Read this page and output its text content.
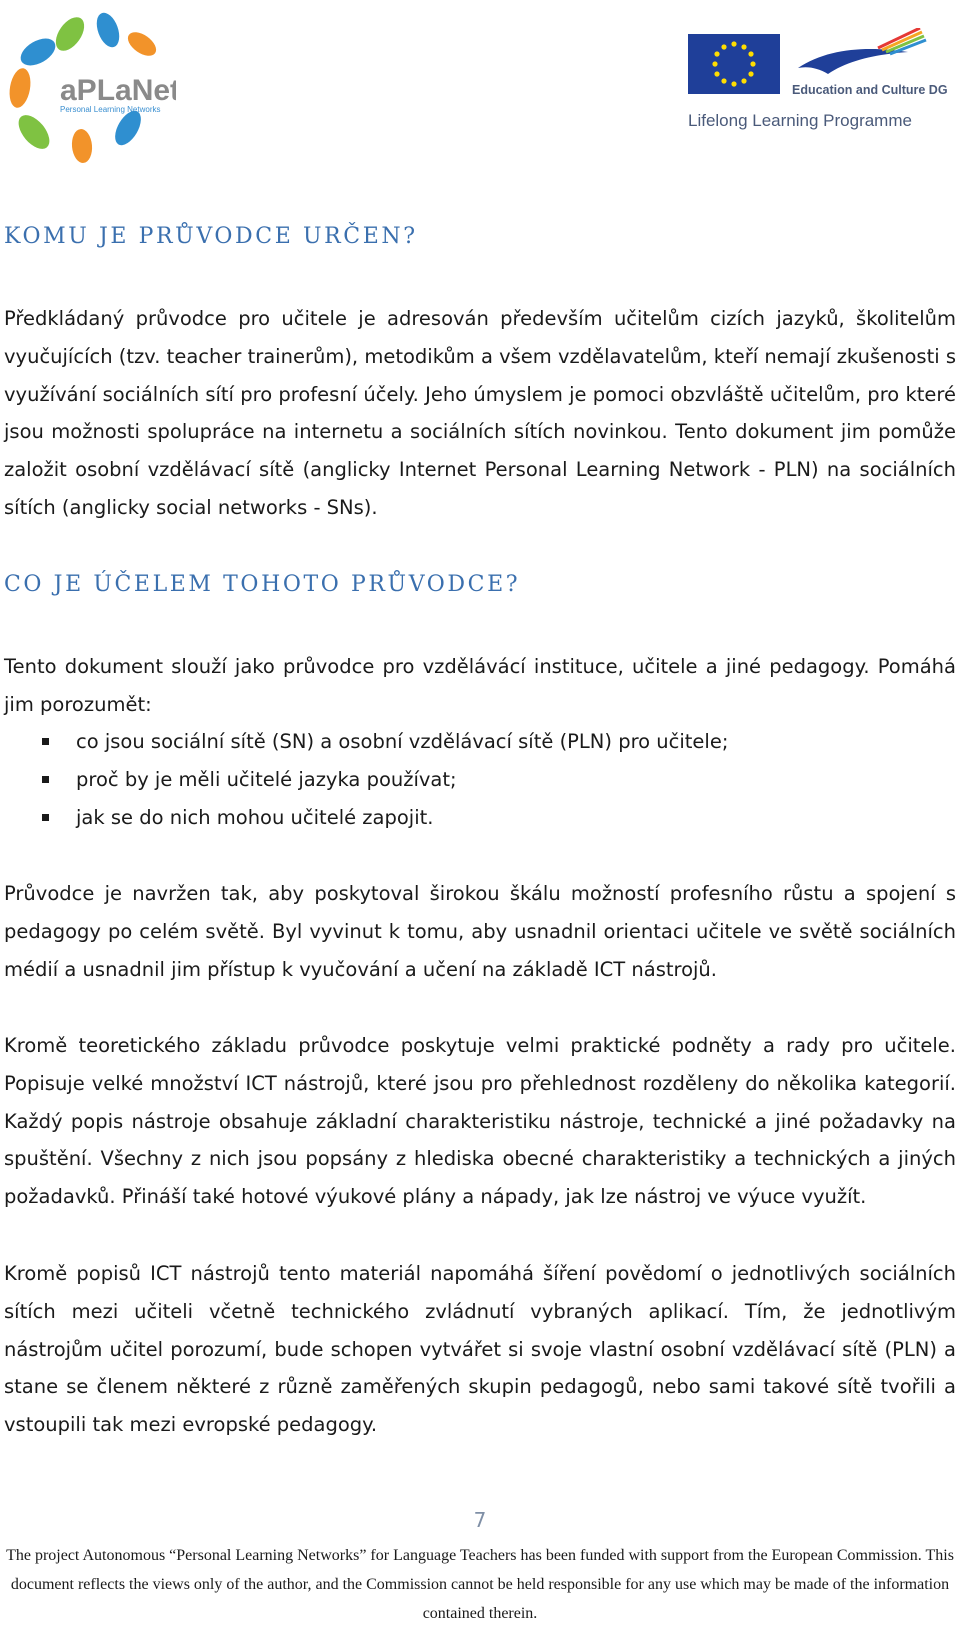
aPLaNet
Personal Learning Networks
Education and Culture DG
Lifelong Learning Programme
KOMU JE PRŮVODCE URČEN?

Předkládaný průvodce pro učitele je adresován především učitelům cizích jazyků, školitelům vyučujících (tzv. teacher trainerům), metodikům a všem vzdělavatelům, kteří nemají zkušenosti s využívání sociálních sítí pro profesní účely. Jeho úmyslem je pomoci obzvláště učitelům, pro které jsou možnosti spolupráce na internetu a sociálních sítích novinkou. Tento dokument jim pomůže založit osobní vzdělávací sítě (anglicky Internet Personal Learning Network - PLN) na sociálních sítích (anglicky social networks - SNs).

CO JE ÚČELEM TOHOTO PRŮVODCE?

Tento dokument slouží jako průvodce pro vzdělávácí instituce, učitele a jiné pedagogy. Pomáhá jim porozumět:

co jsou sociální sítě (SN) a osobní vzdělávací sítě (PLN) pro učitele;
proč by je měli učitelé jazyka používat;
jak se do nich mohou učitelé zapojit.

Průvodce je navržen tak, aby poskytoval širokou škálu možností profesního růstu a spojení s pedagogy po celém světě. Byl vyvinut k tomu, aby usnadnil orientaci učitele ve světě sociálních médií a usnadnil jim přístup k vyučování a učení na základě ICT nástrojů.

Kromě teoretického základu průvodce poskytuje velmi praktické podněty a rady pro učitele. Popisuje velké množství ICT nástrojů, které jsou pro přehlednost rozděleny do několika kategorií. Každý popis nástroje obsahuje základní charakteristiku nástroje, technické a jiné požadavky na spuštění. Všechny z nich jsou popsány z hlediska obecné charakteristiky a technických a jiných požadavků. Přináší také hotové výukové plány a nápady, jak lze nástroj ve výuce využít.

Kromě popisů ICT nástrojů tento materiál napomáhá šíření povědomí o jednotlivých sociálních sítích mezi učiteli včetně technického zvládnutí vybraných aplikací. Tím, že jednotlivým nástrojům učitel porozumí, bude schopen vytvářet si svoje vlastní osobní vzdělávací sítě (PLN) a stane se členem některé z různě zaměřených skupin pedagogů, nebo sami takové sítě tvořili a vstoupili tak mezi evropské pedagogy.

7

The project Autonomous “Personal Learning Networks” for Language Teachers has been funded with support from the European Commission. This document reflects the views only of the author, and the Commission cannot be held responsible for any use which may be made of the information contained therein.
